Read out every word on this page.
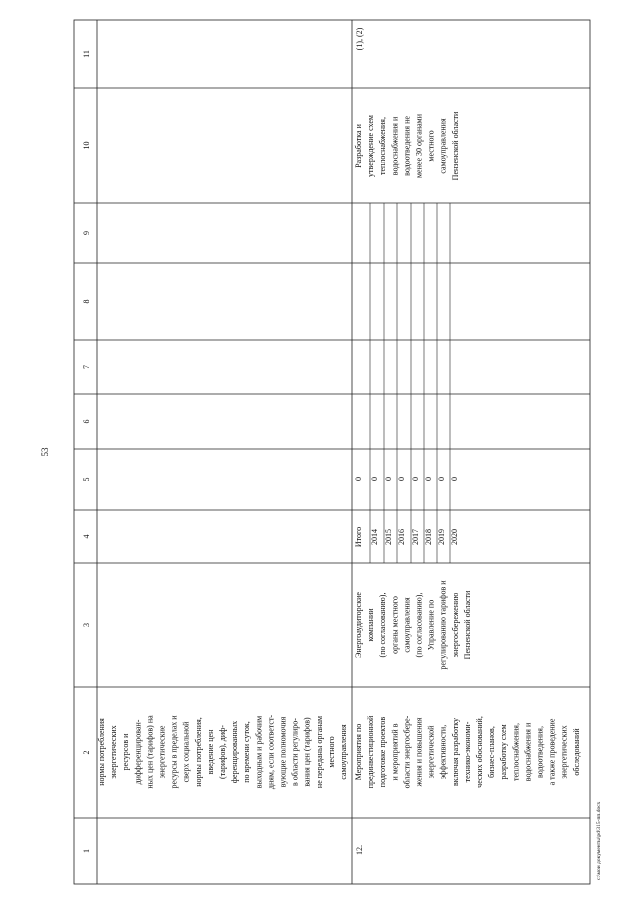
53
c:\мои документы\pd\315-пп.docx
1
2
3
4
5
6
7
8
9
10
11
нормы потребления энергетических ресурсов и дифференцирован- ных цен (тарифов) на энергетические ресурсы в пределах и сверх социальной нормы потребления, введение цен (тарифов), диф- ференцированных по времени суток, выходным и рабочим дням, если соответст- вующие полномочия в области регулиро- вания цен (тарифов) не переданы органам местного самоуправления
12.
Мероприятия по прединвестиционной подготовке проектов и мероприятий в области энергосбере- жения и повышения энергетической эффективности, включая разработку технико-экономи- ческих обоснований, бизнес-планов, разработку схем теплоснабжения, водоснабжения и водоотведения, а также проведение энергетических обследований
Энергоаудиторские компании (по согласованию), органы местного самоуправления (по согласованию), Управление по регулированию тарифов и энергосбережению Пензенской области
Итого 2014 2015 2016 2017 2018 2019 2020
0 0 0 0 0 0 0 0
Разработка и утверждение схем теплоснабжения, водоснабжения и водоотведения не менее 30 органами местного самоуправления Пензенской области
(1), (2)
